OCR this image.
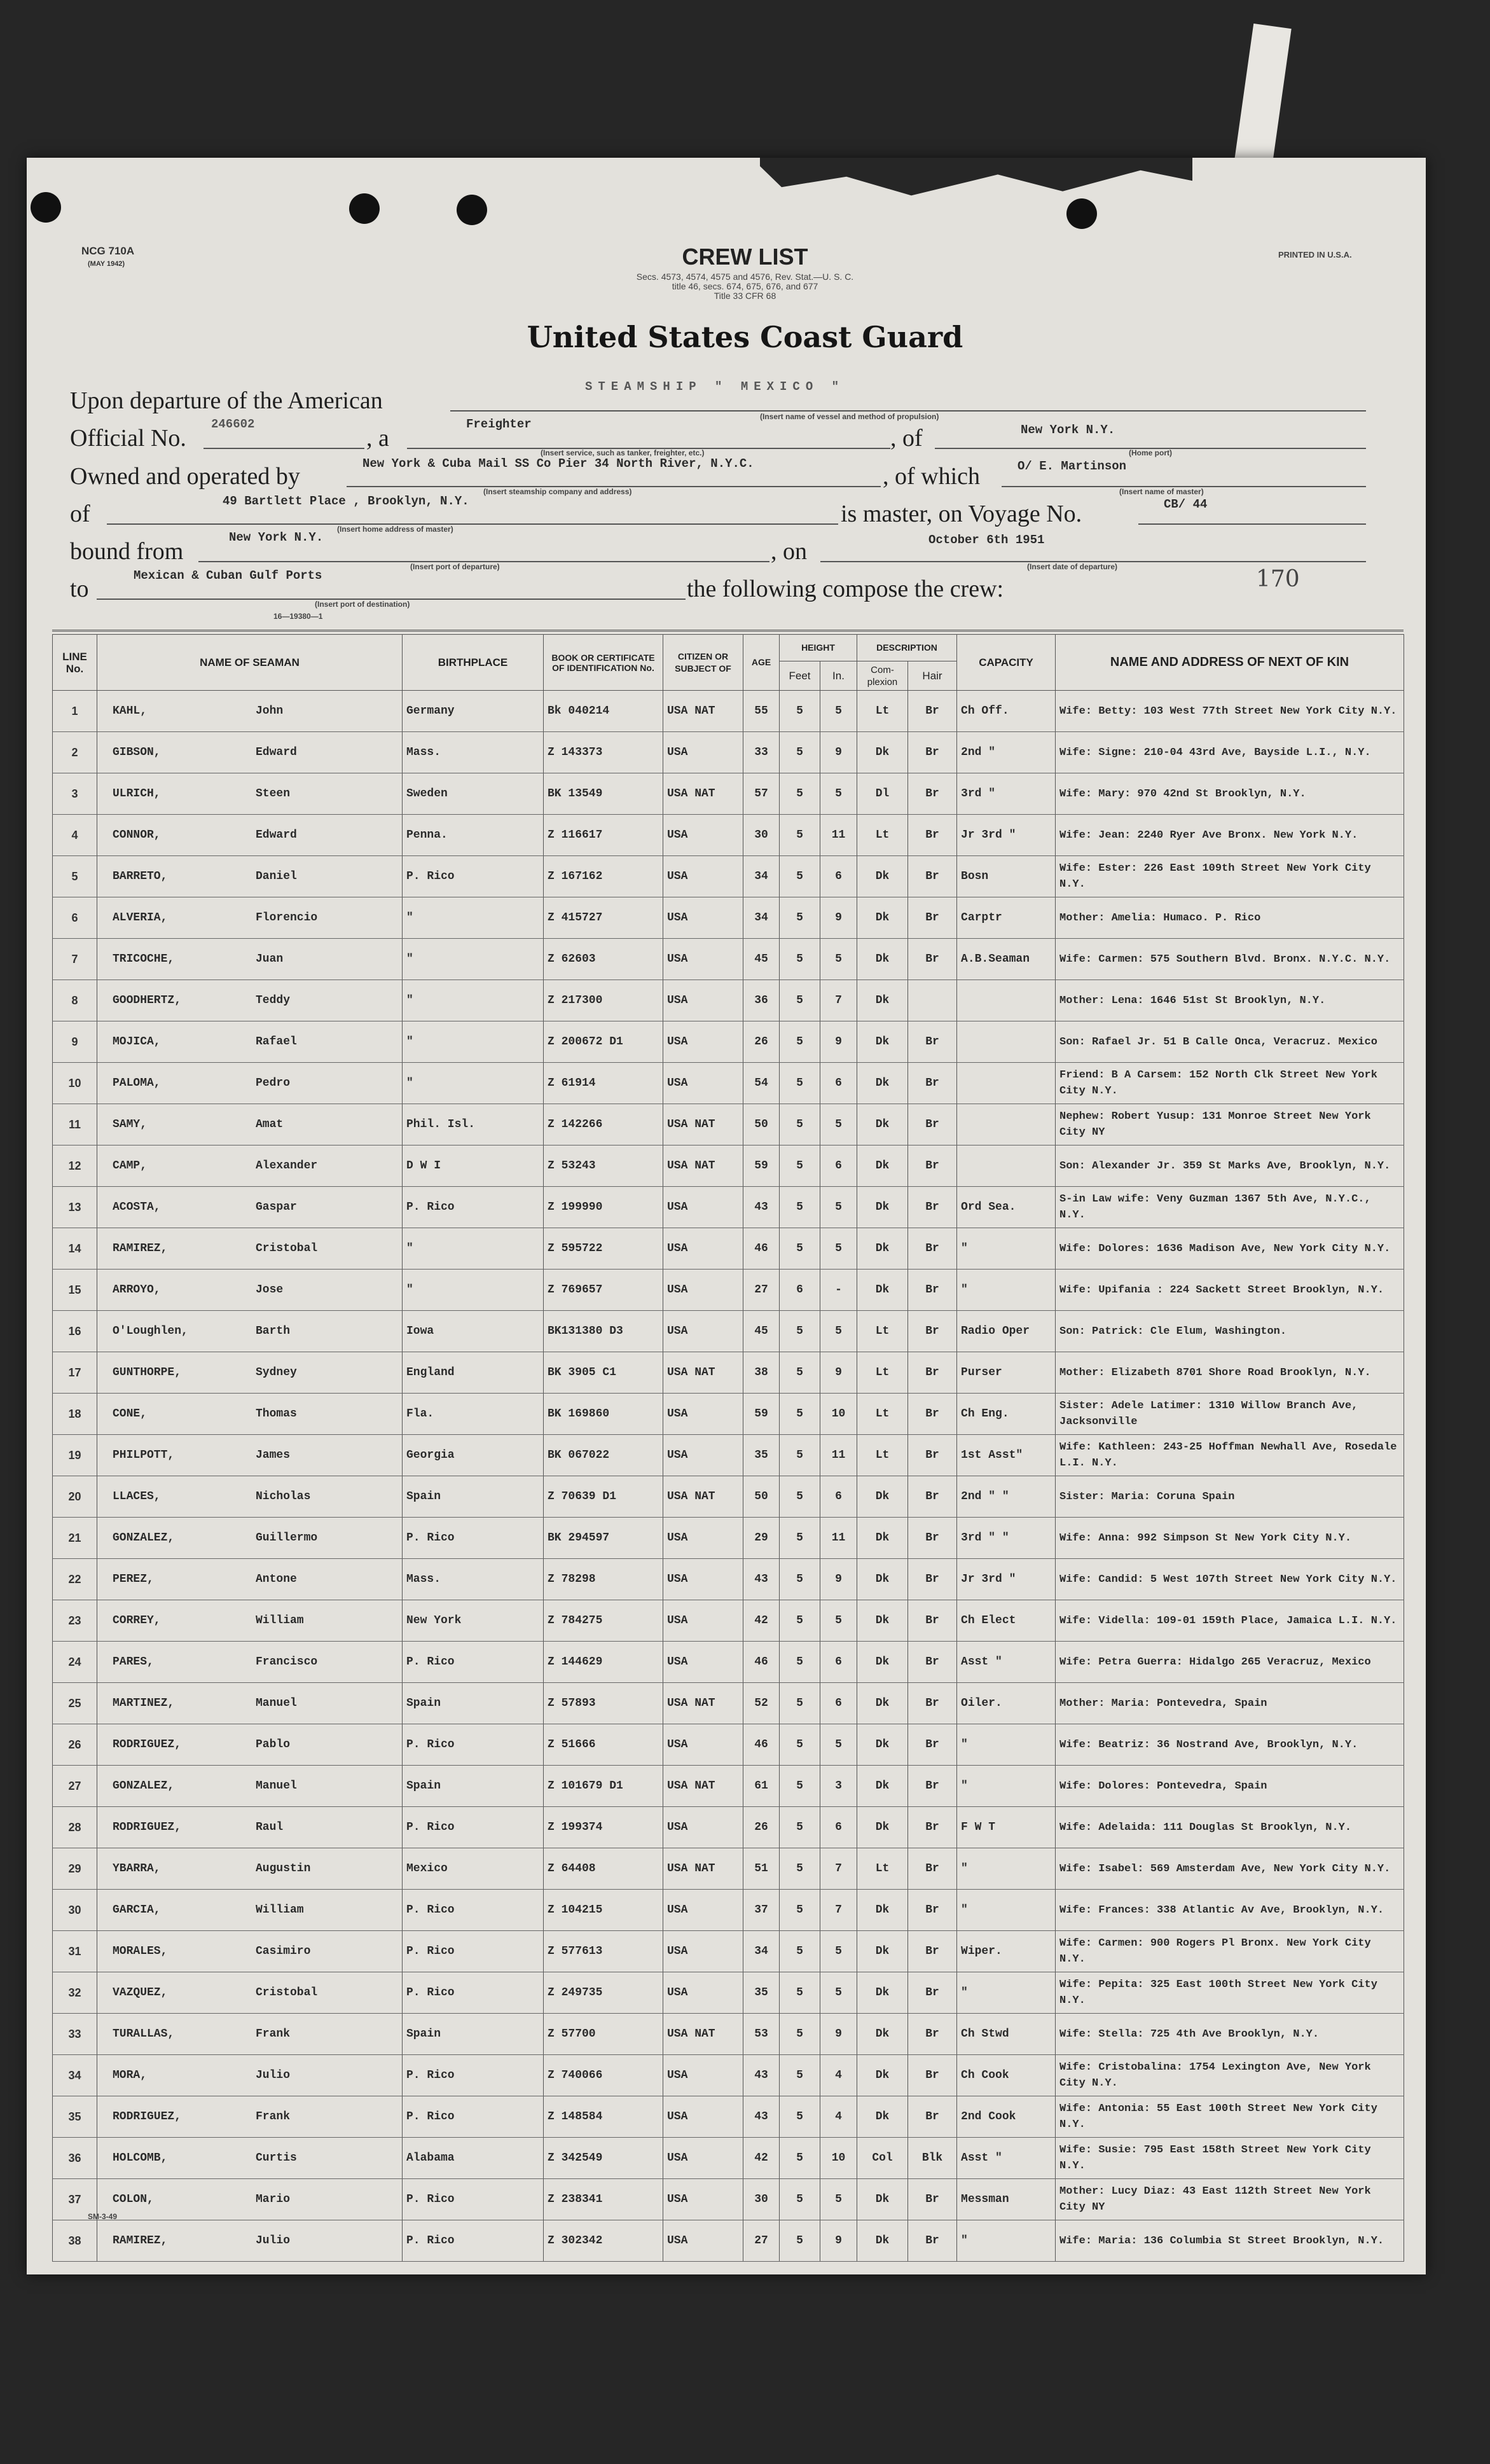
NCG 710A
(MAY 1942)
PRINTED IN U.S.A.
CREW LIST
Secs. 4573, 4574, 4575 and 4576, Rev. Stat.—U. S. C.
title 46, secs. 674, 675, 676, and 677
Title 33 CFR 68
United States Coast Guard
Upon departure of the American
STEAMSHIP " MEXICO "
(Insert name of vessel and method of propulsion)
Official No.
246602
, a
Freighter
(Insert service, such as tanker, freighter, etc.)
, of	New York N.Y.
(Home port)
Owned and operated by	New York & Cuba Mail SS Co Pier 34 North River, N.Y.C.
(Insert steamship company and address)
, of which	O/ E. Martinson
(Insert name of master)
of	49 Bartlett Place , Brooklyn, N.Y.
(Insert home address of master)
is master, on Voyage No.	CB/ 44
bound from
New York N.Y.
(Insert port of departure)
, on	October 6th 1951
(Insert date of departure)
to	Mexican & Cuban Gulf Ports
(Insert port of destination)
the following compose the crew:	170
16—19380—1
LINE No.	NAME OF SEAMAN	BIRTHPLACE	BOOK OR CERTIFICATE OF IDENTIFICATION No.	CITIZEN OR SUBJECT OF	AGE	HEIGHT		DESCRIPTION		CAPACITY	NAME AND ADDRESS OF NEXT OF KIN
						Feet	In.	Com- plexion	Hair		
1	KAHL, John	Germany	Bk 040214	USA NAT	55	5	5	Lt	Br	Ch Off.	Wife: Betty: 103 West 77th Street New York City N.Y.
2	GIBSON, Edward	Mass.	Z 143373	USA	33	5	9	Dk	Br	2nd "	Wife: Signe: 210-04 43rd Ave, Bayside L.I., N.Y.
3	ULRICH, Steen	Sweden	BK 13549	USA NAT	57	5	5	Dl	Br	3rd "	Wife: Mary: 970 42nd St Brooklyn, N.Y.
4	CONNOR, Edward	Penna.	Z 116617	USA	30	5	11	Lt	Br	Jr 3rd "	Wife: Jean: 2240 Ryer Ave Bronx. New York N.Y.
5	BARRETO, Daniel	P. Rico	Z 167162	USA	34	5	6	Dk	Br	Bosn	Wife: Ester: 226 East 109th Street New York City N.Y.
6	ALVERIA, Florencio	"	Z 415727	USA	34	5	9	Dk	Br	Carptr	Mother: Amelia: Humaco. P. Rico
7	TRICOCHE, Juan	"	Z 62603	USA	45	5	5	Dk	Br	A.B.Seaman	Wife: Carmen: 575 Southern Blvd. Bronx. N.Y.C. N.Y.
8	GOODHERTZ, Teddy	"	Z 217300	USA	36	5	7	Dk			Mother: Lena: 1646 51st St Brooklyn, N.Y.
9	MOJICA, Rafael	"	Z 200672 D1	USA	26	5	9	Dk	Br		Son: Rafael Jr. 51 B Calle Onca, Veracruz. Mexico
10	PALOMA, Pedro	"	Z 61914	USA	54	5	6	Dk	Br		Friend: B A Carsem: 152 North Clk Street New York City N.Y.
11	SAMY, Amat	Phil. Isl.	Z 142266	USA NAT	50	5	5	Dk	Br		Nephew: Robert Yusup: 131 Monroe Street New York City NY
12	CAMP, Alexander	D W I	Z 53243	USA NAT	59	5	6	Dk	Br		Son: Alexander Jr. 359 St Marks Ave, Brooklyn, N.Y.
13	ACOSTA, Gaspar	P. Rico	Z 199990	USA	43	5	5	Dk	Br	Ord Sea.	S-in Law wife: Veny Guzman 1367 5th Ave, N.Y.C., N.Y.
14	RAMIREZ, Cristobal	"	Z 595722	USA	46	5	5	Dk	Br	"	Wife: Dolores: 1636 Madison Ave, New York City N.Y.
15	ARROYO, Jose	"	Z 769657	USA	27	6	-	Dk	Br	"	Wife: Upifania : 224 Sackett Street Brooklyn, N.Y.
16	O'Loughlen, Barth	Iowa	BK131380 D3	USA	45	5	5	Lt	Br	Radio Oper	Son: Patrick: Cle Elum, Washington.
17	GUNTHORPE, Sydney	England	BK 3905 C1	USA NAT	38	5	9	Lt	Br	Purser	Mother: Elizabeth 8701 Shore Road Brooklyn, N.Y.
18	CONE, Thomas	Fla.	BK 169860	USA	59	5	10	Lt	Br	Ch Eng.	Sister: Adele Latimer: 1310 Willow Branch Ave, Jacksonville
19	PHILPOTT, James	Georgia	BK 067022	USA	35	5	11	Lt	Br	1st Asst"	Wife: Kathleen: 243-25 Hoffman Newhall Ave, Rosedale L.I. N.Y.
20	LLACES, Nicholas	Spain	Z 70639 D1	USA NAT	50	5	6	Dk	Br	2nd " "	Sister: Maria: Coruna Spain
21	GONZALEZ, Guillermo	P. Rico	BK 294597	USA	29	5	11	Dk	Br	3rd " "	Wife: Anna: 992 Simpson St New York City N.Y.
22	PEREZ, Antone	Mass.	Z 78298	USA	43	5	9	Dk	Br	Jr 3rd "	Wife: Candid: 5 West 107th Street New York City N.Y.
23	CORREY, William	New York	Z 784275	USA	42	5	5	Dk	Br	Ch Elect	Wife: Vidella: 109-01 159th Place, Jamaica L.I. N.Y.
24	PARES, Francisco	P. Rico	Z 144629	USA	46	5	6	Dk	Br	Asst "	Wife: Petra Guerra: Hidalgo 265 Veracruz, Mexico
25	MARTINEZ, Manuel	Spain	Z 57893	USA NAT	52	5	6	Dk	Br	Oiler.	Mother: Maria: Pontevedra, Spain
26	RODRIGUEZ, Pablo	P. Rico	Z 51666	USA	46	5	5	Dk	Br	"	Wife: Beatriz: 36 Nostrand Ave, Brooklyn, N.Y.
27	GONZALEZ, Manuel	Spain	Z 101679 D1	USA NAT	61	5	3	Dk	Br	"	Wife: Dolores: Pontevedra, Spain
28	RODRIGUEZ, Raul	P. Rico	Z 199374	USA	26	5	6	Dk	Br	F W T	Wife: Adelaida: 111 Douglas St Brooklyn, N.Y.
29	YBARRA, Augustin	Mexico	Z 64408	USA NAT	51	5	7	Lt	Br	"	Wife: Isabel: 569 Amsterdam Ave, New York City N.Y.
30	GARCIA, William	P. Rico	Z 104215	USA	37	5	7	Dk	Br	"	Wife: Frances: 338 Atlantic Av Ave, Brooklyn, N.Y.
31	MORALES, Casimiro	P. Rico	Z 577613	USA	34	5	5	Dk	Br	Wiper.	Wife: Carmen: 900 Rogers Pl Bronx. New York City N.Y.
32	VAZQUEZ, Cristobal	P. Rico	Z 249735	USA	35	5	5	Dk	Br	"	Wife: Pepita: 325 East 100th Street New York City N.Y.
33	TURALLAS, Frank	Spain	Z 57700	USA NAT	53	5	9	Dk	Br	Ch Stwd	Wife: Stella: 725 4th Ave Brooklyn, N.Y.
34	MORA, Julio	P. Rico	Z 740066	USA	43	5	4	Dk	Br	Ch Cook	Wife: Cristobalina: 1754 Lexington Ave, New York City N.Y.
35	RODRIGUEZ, Frank	P. Rico	Z 148584	USA	43	5	4	Dk	Br	2nd Cook	Wife: Antonia: 55 East 100th Street New York City N.Y.
36	HOLCOMB, Curtis	Alabama	Z 342549	USA	42	5	10	Col	Blk	Asst "	Wife: Susie: 795 East 158th Street New York City N.Y.
37	COLON, Mario	P. Rico	Z 238341	USA	30	5	5	Dk	Br	Messman	Mother: Lucy Diaz: 43 East 112th Street New York City NY
38	RAMIREZ, Julio	P. Rico	Z 302342	USA	27	5	9	Dk	Br	"	Wife: Maria: 136 Columbia St Street Brooklyn, N.Y.
SM-3-49
